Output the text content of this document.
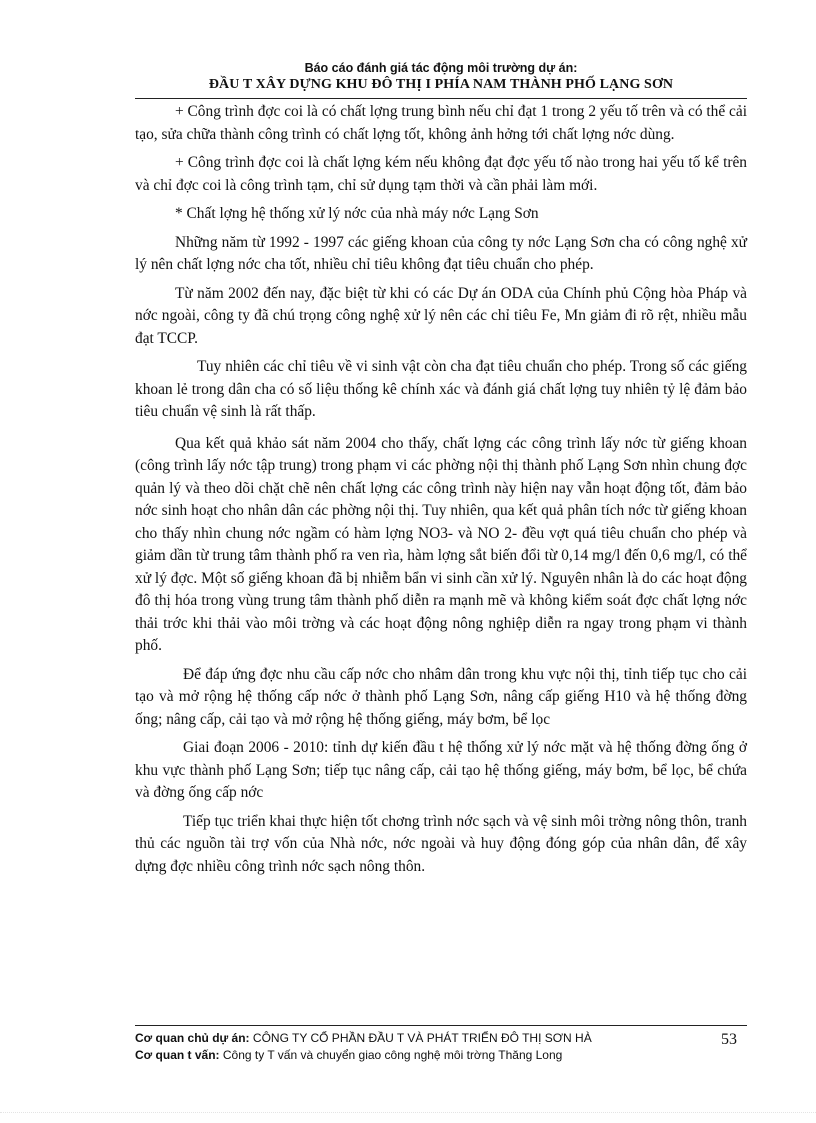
Báo cáo đánh giá tác động môi trường dự án:
ĐẦU T XÂY DỰNG KHU ĐÔ THỊ I PHÍA NAM THÀNH PHỐ LẠNG SƠN

+ Công trình đợc coi là có chất lợng trung bình nếu chỉ đạt 1 trong 2 yếu tố trên và có thể cải tạo, sửa chữa thành công trình có chất lợng tốt, không ảnh hởng tới chất lợng nớc dùng.

+ Công trình đợc coi là chất lợng kém nếu không đạt đợc yếu tố nào trong hai yếu tố kể trên và chỉ đợc coi là công trình tạm, chỉ sử dụng tạm thời và cần phải làm mới.

* Chất lợng hệ thống xử lý nớc của nhà máy nớc Lạng Sơn

Những năm từ 1992 - 1997 các giếng khoan của công ty nớc Lạng Sơn cha có công nghệ xử lý nên chất lợng nớc cha tốt, nhiều chỉ tiêu không đạt tiêu chuẩn cho phép.

Từ năm 2002 đến nay, đặc biệt từ khi có các Dự án ODA của Chính phủ Cộng hòa Pháp và nớc ngoài, công ty đã chú trọng công nghệ xử lý nên các chỉ tiêu Fe, Mn giảm đi rõ rệt, nhiều mẫu đạt TCCP.

Tuy nhiên các chỉ tiêu về vi sinh vật còn cha đạt tiêu chuẩn cho phép. Trong số các giếng khoan lẻ trong dân cha có số liệu thống kê chính xác và đánh giá chất lợng tuy nhiên tỷ lệ đảm bảo tiêu chuẩn vệ sinh là rất thấp.

Qua kết quả khảo sát năm 2004 cho thấy, chất lợng các công trình lấy nớc từ giếng khoan (công trình lấy nớc tập trung) trong phạm vi các phờng nội thị thành phố Lạng Sơn nhìn chung đợc quản lý và theo dõi chặt chẽ nên chất lợng các công trình này hiện nay vẫn hoạt động tốt, đảm bảo nớc sinh hoạt cho nhân dân các phờng nội thị. Tuy nhiên, qua kết quả phân tích nớc từ giếng khoan cho thấy nhìn chung nớc ngầm có hàm lợng NO3- và NO 2- đều vợt quá tiêu chuẩn cho phép và giảm dần từ trung tâm thành phố ra ven rìa, hàm lợng sắt biến đổi từ 0,14 mg/l đến 0,6 mg/l, có thể xử lý đợc. Một số giếng khoan đã bị nhiễm bẩn vi sinh cần xử lý. Nguyên nhân là do các hoạt động đô thị hóa trong vùng trung tâm thành phố diễn ra mạnh mẽ và không kiểm soát đợc chất lợng nớc thải trớc khi thải vào môi trờng và các hoạt động nông nghiệp diễn ra ngay trong phạm vi thành phố.

Để đáp ứng đợc nhu cầu cấp nớc cho nhâm dân trong khu vực nội thị, tỉnh tiếp tục cho cải tạo và mở rộng hệ thống cấp nớc ở thành phố Lạng Sơn, nâng cấp giếng H10 và hệ thống đờng ống; nâng cấp, cải tạo và mở rộng hệ thống giếng, máy bơm, bể lọc

Giai đoạn 2006 - 2010: tỉnh dự kiến đầu t hệ thống xử lý nớc mặt và hệ thống đờng ống ở khu vực thành phố Lạng Sơn; tiếp tục nâng cấp, cải tạo hệ thống giếng, máy bơm, bể lọc, bể chứa và đờng ống cấp nớc

Tiếp tục triển khai thực hiện tốt chơng trình nớc sạch và vệ sinh môi trờng nông thôn, tranh thủ các nguồn tài trợ vốn của Nhà nớc, nớc ngoài và huy động đóng góp của nhân dân, để xây dựng đợc nhiều công trình nớc sạch nông thôn.

Cơ quan chủ dự án: CÔNG TY CỔ PHẦN ĐẦU T VÀ PHÁT TRIỂN ĐÔ THỊ SƠN HÀ
Cơ quan t vấn: Công ty T vấn và chuyển giao công nghệ môi trờng Thăng Long
53
